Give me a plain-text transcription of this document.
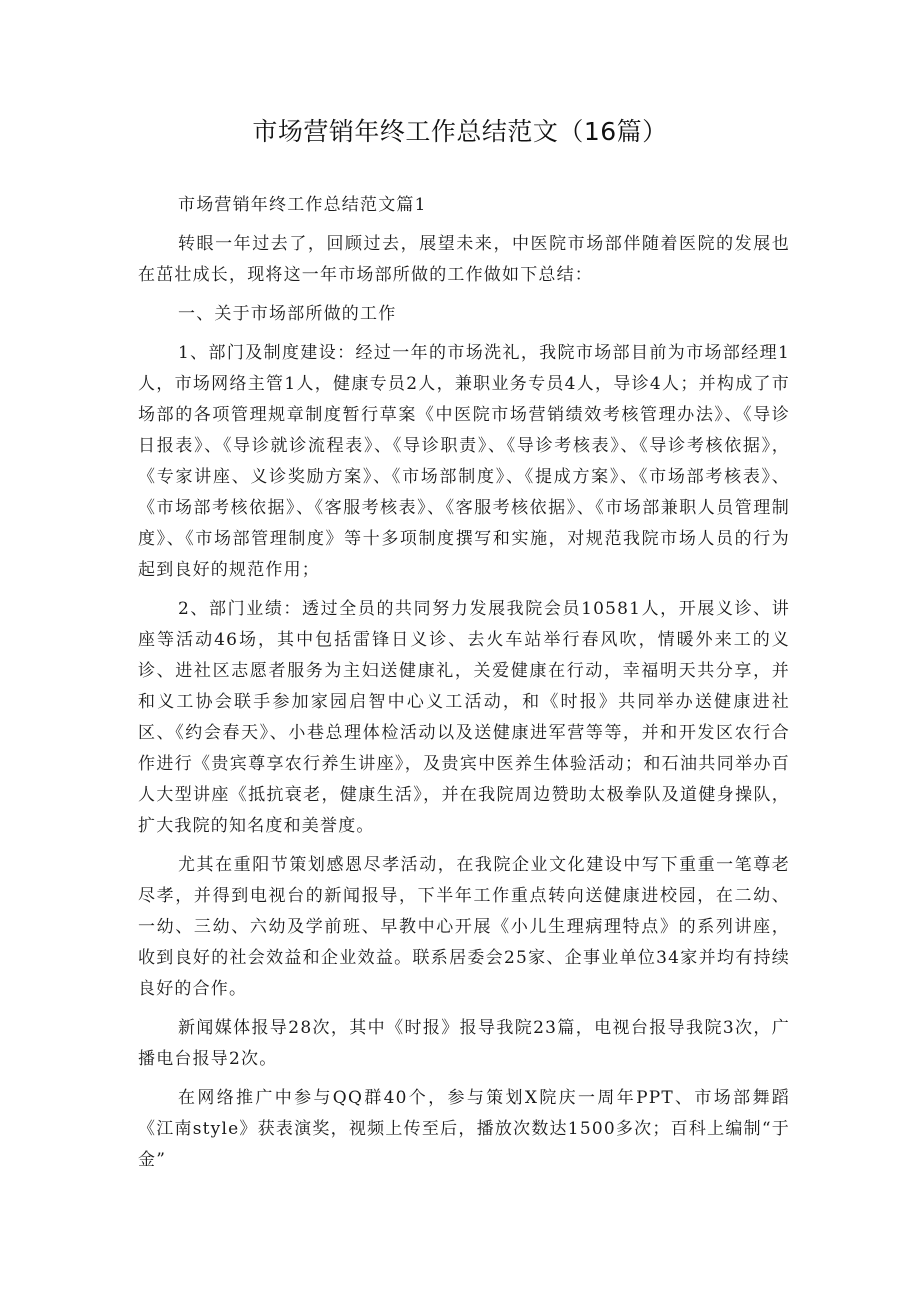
市场营销年终工作总结范文（16篇）

市场营销年终工作总结范文篇1

转眼一年过去了，回顾过去，展望未来，中医院市场部伴随着医院的发展也在茁壮成长，现将这一年市场部所做的工作做如下总结：

一、关于市场部所做的工作

1、部门及制度建设：经过一年的市场洗礼，我院市场部目前为市场部经理1人，市场网络主管1人，健康专员2人，兼职业务专员4人，导诊4人；并构成了市场部的各项管理规章制度暂行草案《中医院市场营销绩效考核管理办法》、《导诊日报表》、《导诊就诊流程表》、《导诊职责》、《导诊考核表》、《导诊考核依据》，《专家讲座、义诊奖励方案》、《市场部制度》、《提成方案》、《市场部考核表》、《市场部考核依据》、《客服考核表》、《客服考核依据》、《市场部兼职人员管理制度》、《市场部管理制度》等十多项制度撰写和实施，对规范我院市场人员的行为起到良好的规范作用；

2、部门业绩：透过全员的共同努力发展我院会员10581人，开展义诊、讲座等活动46场，其中包括雷锋日义诊、去火车站举行春风吹，情暖外来工的义诊、进社区志愿者服务为主妇送健康礼，关爱健康在行动，幸福明天共分享，并和义工协会联手参加家园启智中心义工活动，和《时报》共同举办送健康进社区、《约会春天》、小巷总理体检活动以及送健康进军营等等，并和开发区农行合作进行《贵宾尊享农行养生讲座》，及贵宾中医养生体验活动；和石油共同举办百人大型讲座《抵抗衰老，健康生活》，并在我院周边赞助太极拳队及道健身操队，扩大我院的知名度和美誉度。

尤其在重阳节策划感恩尽孝活动，在我院企业文化建设中写下重重一笔尊老尽孝，并得到电视台的新闻报导，下半年工作重点转向送健康进校园，在二幼、一幼、三幼、六幼及学前班、早教中心开展《小儿生理病理特点》的系列讲座，收到良好的社会效益和企业效益。联系居委会25家、企事业单位34家并均有持续良好的合作。

新闻媒体报导28次，其中《时报》报导我院23篇，电视台报导我院3次，广播电台报导2次。

在网络推广中参与QQ群40个，参与策划X院庆一周年PPT、市场部舞蹈《江南style》获表演奖，视频上传至后，播放次数达1500多次；百科上编制“于金”
